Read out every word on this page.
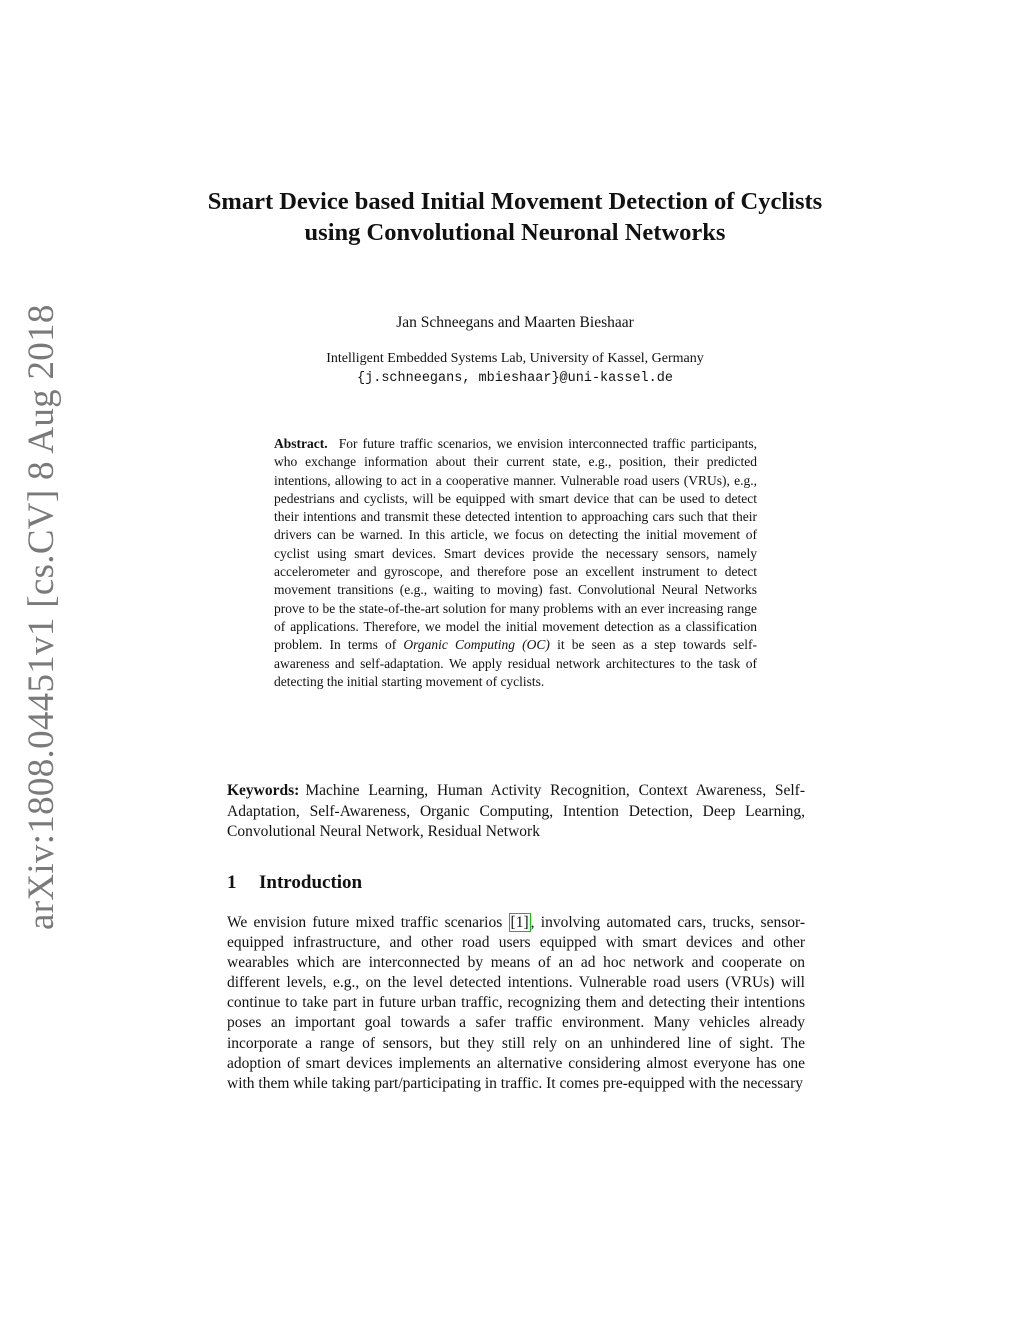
arXiv:1808.04451v1 [cs.CV] 8 Aug 2018
Smart Device based Initial Movement Detection of Cyclists using Convolutional Neuronal Networks
Jan Schneegans and Maarten Bieshaar
Intelligent Embedded Systems Lab, University of Kassel, Germany
{j.schneegans, mbieshaar}@uni-kassel.de
Abstract. For future traffic scenarios, we envision interconnected traffic participants, who exchange information about their current state, e.g., position, their predicted intentions, allowing to act in a cooperative manner. Vulnerable road users (VRUs), e.g., pedestrians and cyclists, will be equipped with smart device that can be used to detect their intentions and transmit these detected intention to approaching cars such that their drivers can be warned. In this article, we focus on detecting the initial movement of cyclist using smart devices. Smart devices provide the necessary sensors, namely accelerometer and gyroscope, and therefore pose an excellent instrument to detect movement transitions (e.g., waiting to moving) fast. Convolutional Neural Networks prove to be the state-of-the-art solution for many problems with an ever increasing range of applications. Therefore, we model the initial movement detection as a classification problem. In terms of Organic Computing (OC) it be seen as a step towards self-awareness and self-adaptation. We apply residual network architectures to the task of detecting the initial starting movement of cyclists.
Keywords: Machine Learning, Human Activity Recognition, Context Awareness, Self-Adaptation, Self-Awareness, Organic Computing, Intention Detection, Deep Learning, Convolutional Neural Network, Residual Network
1 Introduction
We envision future mixed traffic scenarios [1] , involving automated cars, trucks, sensor-equipped infrastructure, and other road users equipped with smart devices and other wearables which are interconnected by means of an ad hoc network and cooperate on different levels, e.g., on the level detected intentions. Vulnerable road users (VRUs) will continue to take part in future urban traffic, recognizing them and detecting their intentions poses an important goal towards a safer traffic environment. Many vehicles already incorporate a range of sensors, but they still rely on an unhindered line of sight. The adoption of smart devices implements an alternative considering almost everyone has one with them while taking part/participating in traffic. It comes pre-equipped with the necessary
